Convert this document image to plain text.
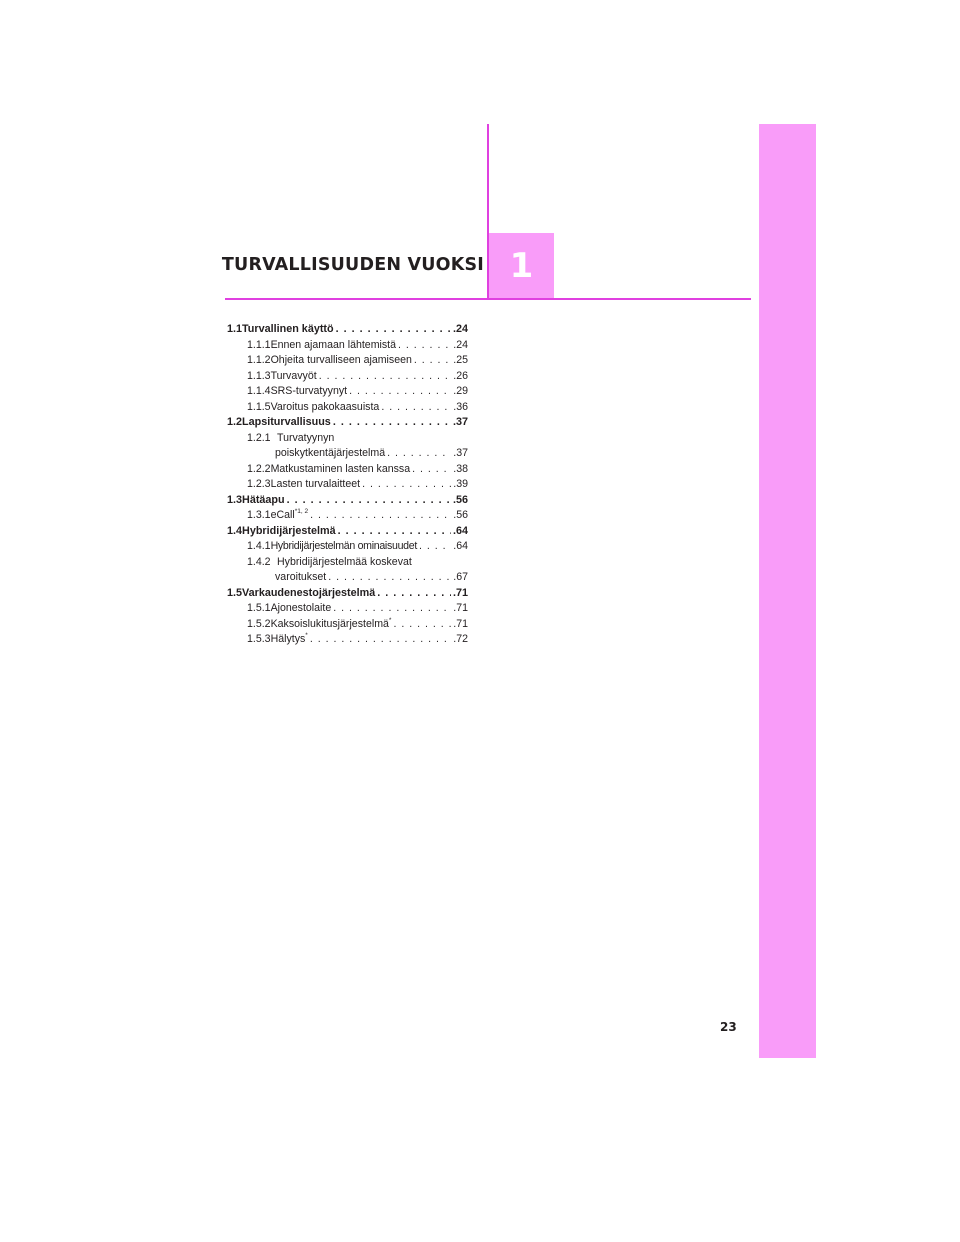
TURVALLISUUDEN VUOKSI 1
1.1 Turvallinen käyttö . . .	.24
1.1.1 Ennen ajamaan lähtemistä . . .	.24
1.1.2 Ohjeita turvalliseen ajamiseen . . .	.25
1.1.3 Turvavyöt . . .	.26
1.1.4 SRS-turvatyynyt . . .	.29
1.1.5 Varoitus pakokaasuista . . .	.36
1.2 Lapsiturvallisuus . . .	.37
1.2.1 Turvatyynyn
poiskytkentäjärjestelmä . . .	.37
1.2.2 Matkustaminen lasten kanssa . . .	.38
1.2.3 Lasten turvalaitteet . . .	.39
1.3 Hätäapu . . .	.56
1.3.1 eCall$^{*1, 2}$ . . .	.56
1.4 Hybridijärjestelmä . . .	.64
1.4.1 Hybridijärjestelmän ominaisuudet . . .	.64
1.4.2 Hybridijärjestelmää koskevat
varoitukset . . .	.67
1.5 Varkaudenestojärjestelmä . . .	.71
1.5.1 Ajonestolaite . . .	.71
1.5.2 Kaksoislukitusjärjestelmä* . . .	.71
1.5.3 Hälytys* . . .	.72
23
